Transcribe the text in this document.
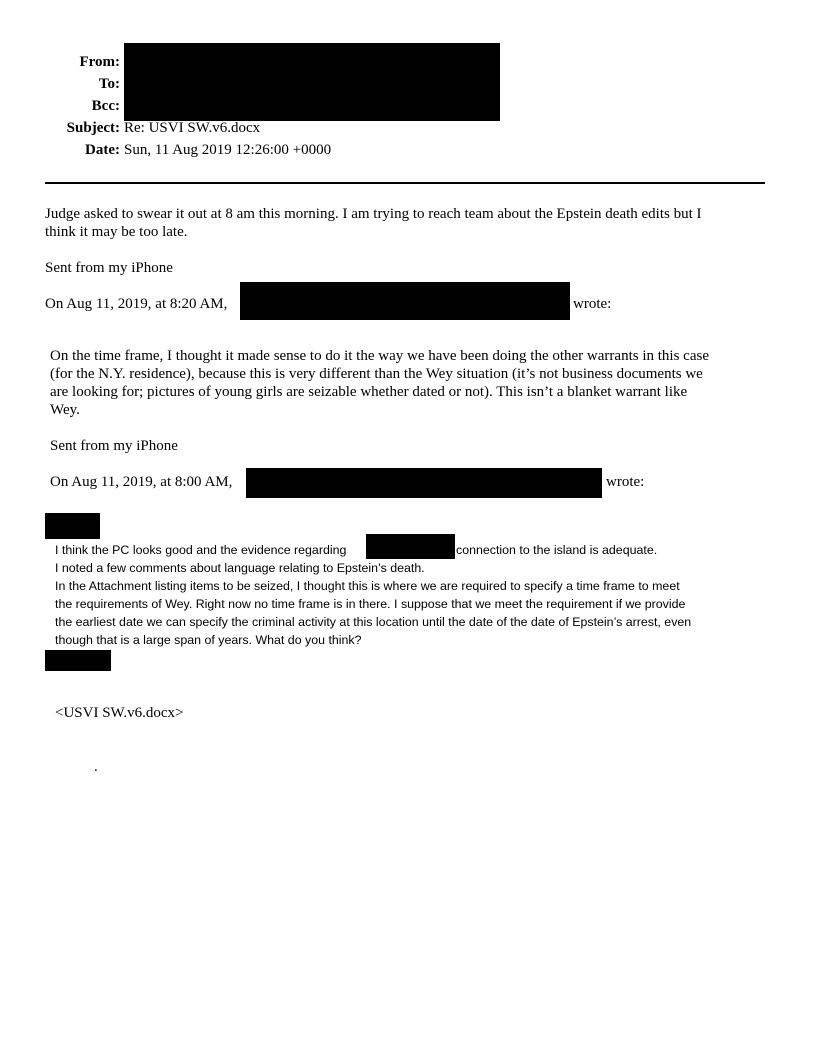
From:
To:
Bcc:
Subject: Re: USVI SW.v6.docx
Date: Sun, 11 Aug 2019 12:26:00 +0000
Judge asked to swear it out at 8 am this morning. I am trying to reach team about the Epstein death edits but I
think it may be too late.
Sent from my iPhone
On Aug 11, 2019, at 8:20 AM,	wrote:
On the time frame, I thought it made sense to do it the way we have been doing the other warrants in this case
(for the N.Y. residence), because this is very different than the Wey situation (it’s not business documents we
are looking for; pictures of young girls are seizable whether dated or not). This isn’t a blanket warrant like
Wey.
Sent from my iPhone
On Aug 11, 2019, at 8:00 AM,	wrote:
I think the PC looks good and the evidence regarding	connection to the island is adequate.
I noted a few comments about language relating to Epstein’s death.
In the Attachment listing items to be seized, I thought this is where we are required to specify a time frame to meet
the requirements of Wey. Right now no time frame is in there. I suppose that we meet the requirement if we provide
the earliest date we can specify the criminal activity at this location until the date of the date of Epstein’s arrest, even
though that is a large span of years. What do you think?
<USVI SW.v6.docx>
.
